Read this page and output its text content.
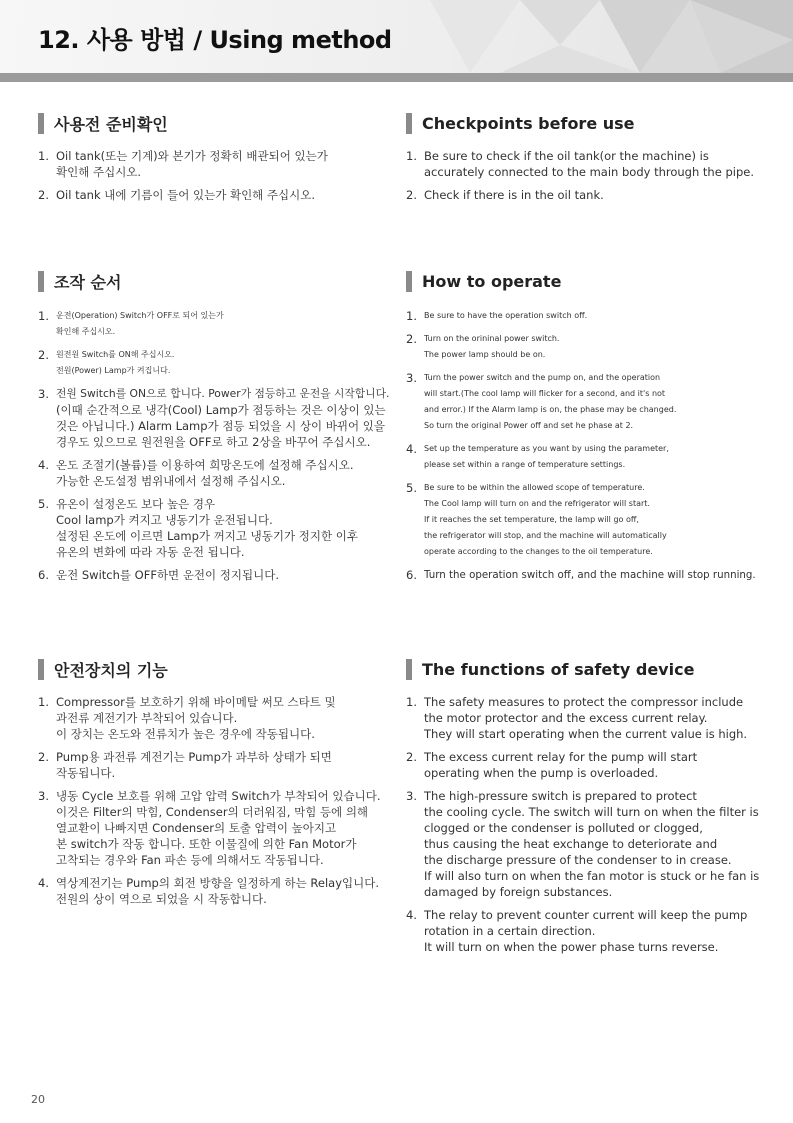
12. 사용 방법 / Using method
사용전 준비확인
1. Oil tank(또는 기계)와 본기가 정확히 배관되어 있는가
확인해 주십시오.
2. Oil tank 내에 기름이 들어 있는가 확인해 주십시오.
Checkpoints before use
1. Be sure to check if the oil tank(or the machine) is
accurately connected to the main body through the pipe.
2. Check if there is in the oil tank.
조작 순서
1. 운전(Operation) Switch가 OFF로 되어 있는가
확인해 주십시오.
2. 원전원 Switch를 ON해 주십시오.
전원(Power) Lamp가 켜집니다.
3. 전원 Switch를 ON으로 합니다. Power가 점등하고 운전을 시작합니다.
(이때 순간적으로 냉각(Cool) Lamp가 점등하는 것은 이상이 있는
것은 아닙니다.) Alarm Lamp가 점등 되었을 시 상이 바뀌어 있을
경우도 있으므로 원전원을 OFF로 하고 2상을 바꾸어 주십시오.
4. 온도 조절기(볼륨)를 이용하여 희망온도에 설정해 주십시오.
가능한 온도설정 범위내에서 설정해 주십시오.
5. 유온이 설정온도 보다 높은 경우
Cool lamp가 켜지고 냉동기가 운전됩니다.
설정된 온도에 이르면 Lamp가 꺼지고 냉동기가 정지한 이후
유온의 변화에 따라 자동 운전 됩니다.
6. 운전 Switch를 OFF하면 운전이 정지됩니다.
How to operate
1. Be sure to have the operation switch off.
2. Turn on the orininal power switch.
The power lamp should be on.
3. Turn the power switch and the pump on, and the operation
will start.(The cool lamp will flicker for a second, and it's not
and error.) If the Alarm lamp is on, the phase may be changed.
So turn the original Power off and set he phase at 2.
4. Set up the temperature as you want by using the parameter,
please set within a range of temperature settings.
5. Be sure to be within the allowed scope of temperature.
The Cool lamp will turn on and the refrigerator will start.
If it reaches the set temperature, the lamp will go off,
the refrigerator will stop, and the machine will automatically
operate according to the changes to the oil temperature.
6. Turn the operation switch off, and the machine will stop running.
안전장치의 기능
1. Compressor를 보호하기 위해 바이메탈 써모 스타트 및
과전류 계전기가 부착되어 있습니다.
이 장치는 온도와 전류치가 높은 경우에 작동됩니다.
2. Pump용 과전류 계전기는 Pump가 과부하 상태가 되면
작동됩니다.
3. 냉동 Cycle 보호를 위해 고압 압력 Switch가 부착되어 있습니다.
이것은 Filter의 막힘, Condenser의 더러워짐, 막힘 등에 의해
열교환이 나빠지면 Condenser의 토출 압력이 높아지고
본 switch가 작동 합니다. 또한 이물질에 의한 Fan Motor가
고착되는 경우와 Fan 파손 등에 의해서도 작동됩니다.
4. 역상계전기는 Pump의 회전 방향을 일정하게 하는 Relay입니다.
전원의 상이 역으로 되었을 시 작동합니다.
The functions of safety device
1. The safety measures to protect the compressor include
the motor protector and the excess current relay.
They will start operating when the current value is high.
2. The excess current relay for the pump will start
operating when the pump is overloaded.
3. The high-pressure switch is prepared to protect
the cooling cycle. The switch will turn on when the filter is
clogged or the condenser is polluted or clogged,
thus causing the heat exchange to deteriorate and
the discharge pressure of the condenser to in crease.
If will also turn on when the fan motor is stuck or he fan is
damaged by foreign substances.
4. The relay to prevent counter current will keep the pump
rotation in a certain direction.
It will turn on when the power phase turns reverse.
20
